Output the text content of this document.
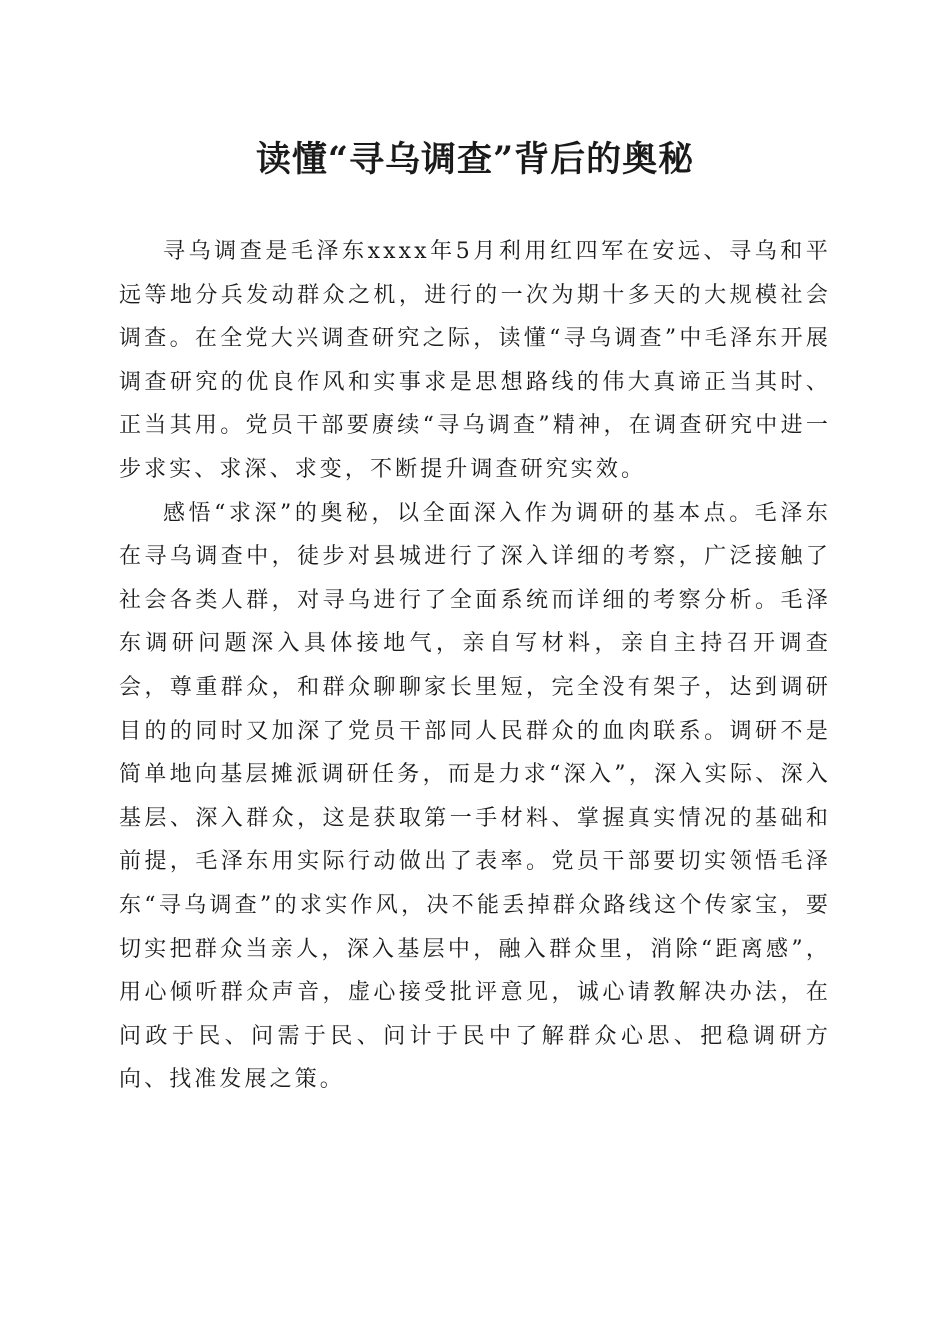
读懂“寻乌调查”背后的奥秘

寻乌调查是毛泽东xxxx年5月利用红四军在安远、寻乌和平远等地分兵发动群众之机，进行的一次为期十多天的大规模社会调查。在全党大兴调查研究之际，读懂“寻乌调查”中毛泽东开展调查研究的优良作风和实事求是思想路线的伟大真谛正当其时、正当其用。党员干部要赓续“寻乌调查”精神，在调查研究中进一步求实、求深、求变，不断提升调查研究实效。

感悟“求深”的奥秘，以全面深入作为调研的基本点。毛泽东在寻乌调查中，徒步对县城进行了深入详细的考察，广泛接触了社会各类人群，对寻乌进行了全面系统而详细的考察分析。毛泽东调研问题深入具体接地气，亲自写材料，亲自主持召开调查会，尊重群众，和群众聊聊家长里短，完全没有架子，达到调研目的的同时又加深了党员干部同人民群众的血肉联系。调研不是简单地向基层摊派调研任务，而是力求“深入”，深入实际、深入基层、深入群众，这是获取第一手材料、掌握真实情况的基础和前提，毛泽东用实际行动做出了表率。党员干部要切实领悟毛泽东“寻乌调查”的求实作风，决不能丢掉群众路线这个传家宝，要切实把群众当亲人，深入基层中，融入群众里，消除“距离感”，用心倾听群众声音，虚心接受批评意见，诚心请教解决办法，在问政于民、问需于民、问计于民中了解群众心思、把稳调研方向、找准发展之策。
